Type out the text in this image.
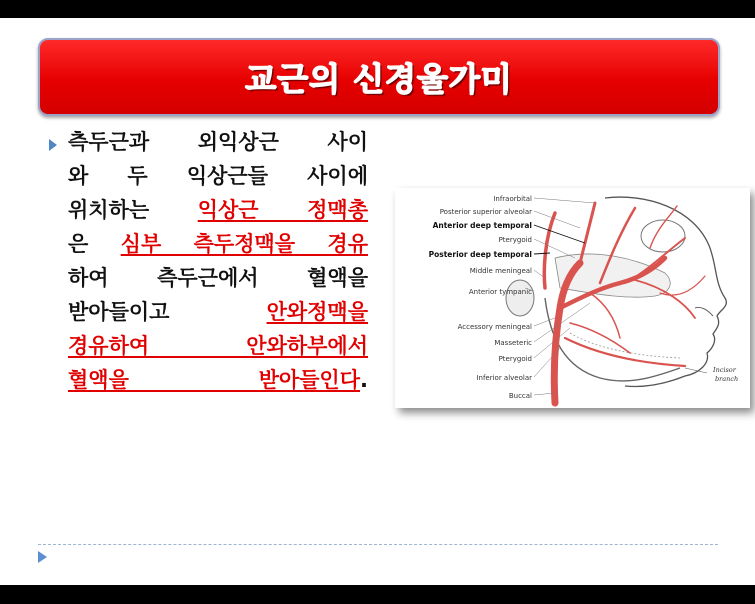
교근의 신경울가미
측두근과 외익상근 사이
와 두 익상근들 사이에
위치하는 익상근 정맥총
은 심부 측두정맥을 경유
하여 측두근에서 혈액을
받아들이고 안와정맥을
경유하여 안와하부에서
혈액을 받아들인다.
Infraorbital
Posterior superior alveolar
Anterior deep temporal
Pterygoid
Posterior deep temporal
Middle meningeal
Anterior tympanic
Accessory meningeal
Masseteric
Pterygoid
Inferior alveolar
Buccal
Incisor
branch
